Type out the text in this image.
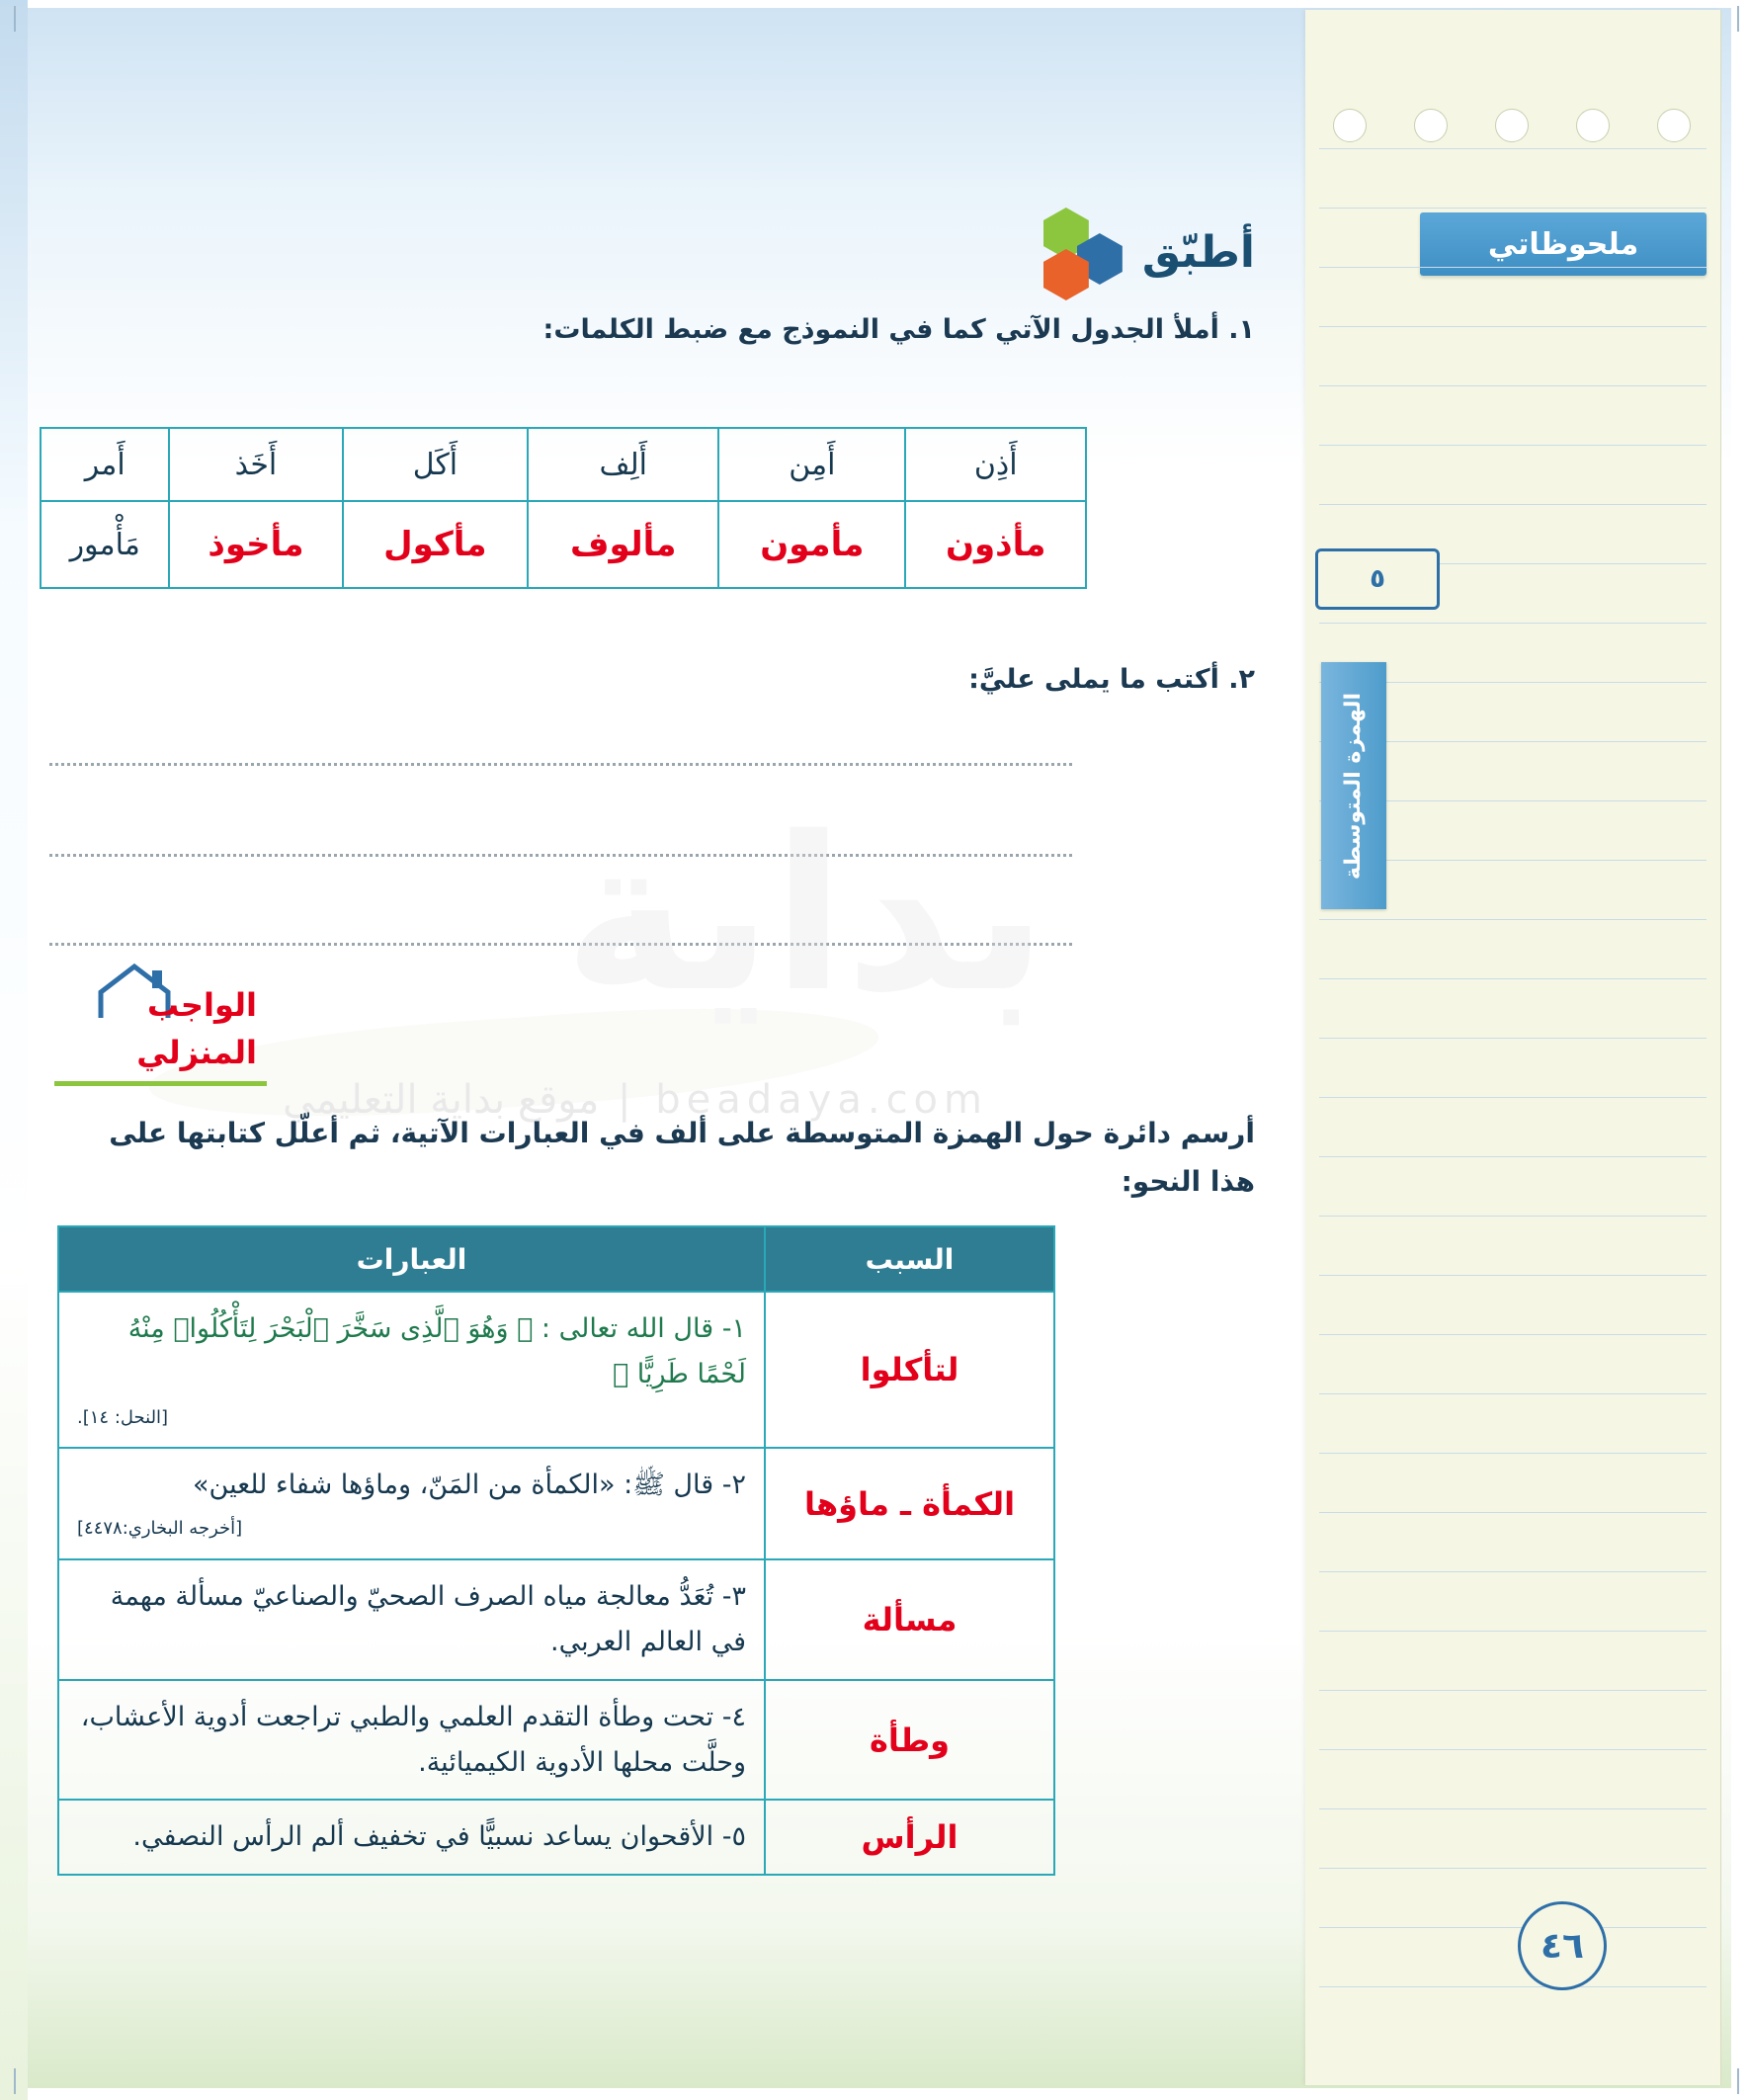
ملحوظاتي
٥
الهمزة المتوسطة
٤٦
أطبّق
١. أملأ الجدول الآتي كما في النموذج مع ضبط الكلمات:
أَذِن	أَمِن	أَلِف	أَكَل	أَخَذ	أَمر
مأذون	مأمون	مألوف	مأكول	مأخوذ	مَأْمور
٢. أكتب ما يملى عليَّ:
بداية
beadaya.com | موقع بداية التعليمي
الواجب
المنزلي
أرسم دائرة حول الهمزة المتوسطة على ألف في العبارات الآتية، ثم أعلّل كتابتها على هذا النحو:
السبب	العبارات
لتأكلوا	١- قال الله تعالى : ﴿ وَهُوَ ٱلَّذِى سَخَّرَ ٱلْبَحْرَ لِتَأْكُلُوا۟ مِنْهُ لَحْمًا طَرِيًّا ﴾
[النحل: ١٤].

الكمأة ـ ماؤها	٢- قال ﷺ: «الكمأة من المَنّ، وماؤها شفاء للعين»
[أخرجه البخاري:٤٤٧٨]

مسألة	٣- تُعَدُّ معالجة مياه الصرف الصحيّ والصناعيّ مسألة مهمة في العالم العربي.
وطأة	٤- تحت وطأة التقدم العلمي والطبي تراجعت أدوية الأعشاب، وحلَّت محلها الأدوية الكيميائية.
الرأس	٥- الأقحوان يساعد نسبيًّا في تخفيف ألم الرأس النصفي.
